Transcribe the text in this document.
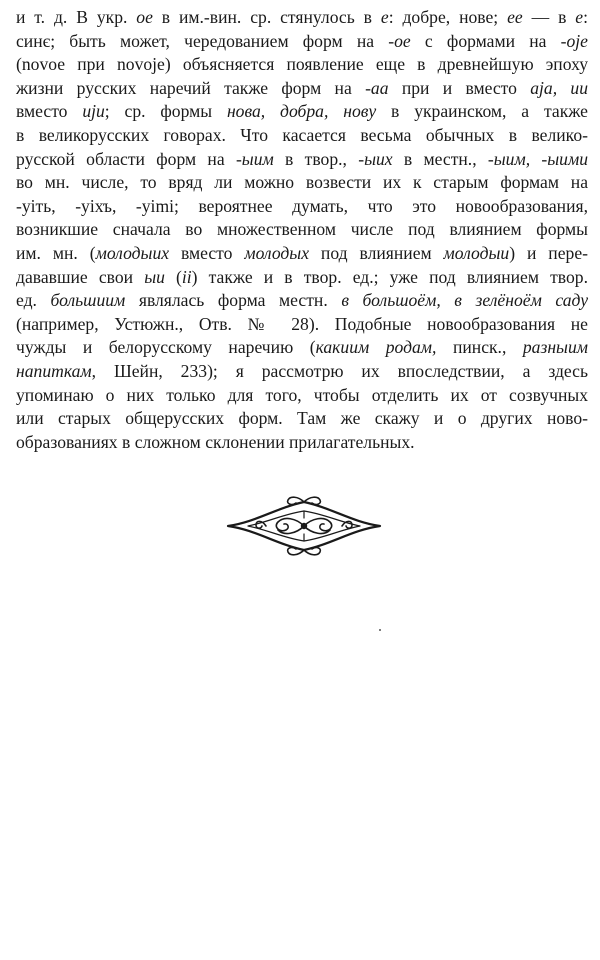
и т. д. В укр. ое в им.-вин. ср. стянулось в е: добре, нове; ее — в е:
синє; быть может, чередованием форм на -ое с формами на -оје
(novое при novoje) объясняется появление еще в древнейшую эпоху
жизни русских наречий также форм на -аа при и вместо аја, ии
вместо ији; ср. формы нова, добра, нову в украинском, а также
в великорусских говорах. Что касается весьма обычных в велико-
русской области форм на -ыим в твор., -ыих в местн., -ыим, -ыими
во мн. числе, то вряд ли можно возвести их к старым формам на
-yiть, -yiхъ, -yimi; вероятнее думать, что это новообразования,
возникшие сначала во множественном числе под влиянием формы
им. мн. (молодыих вместо молодых под влиянием молодыи) и пере-
дававшие свои ыи (ii) также и в твор. ед.; уже под влиянием твор.
ед. большиим являлась форма местн. в большоём, в зелёноём саду
(например, Устюжн., Отв. № 28). Подобные новообразования не
чужды и белорусскому наречию (какиим родам, пинск., разныим
напиткам, Шейн, 233); я рассмотрю их впоследствии, а здесь
упоминаю о них только для того, чтобы отделить их от созвучных
или старых общерусских форм. Там же скажу и о других ново-
образованиях в сложном склонении прилагательных.
